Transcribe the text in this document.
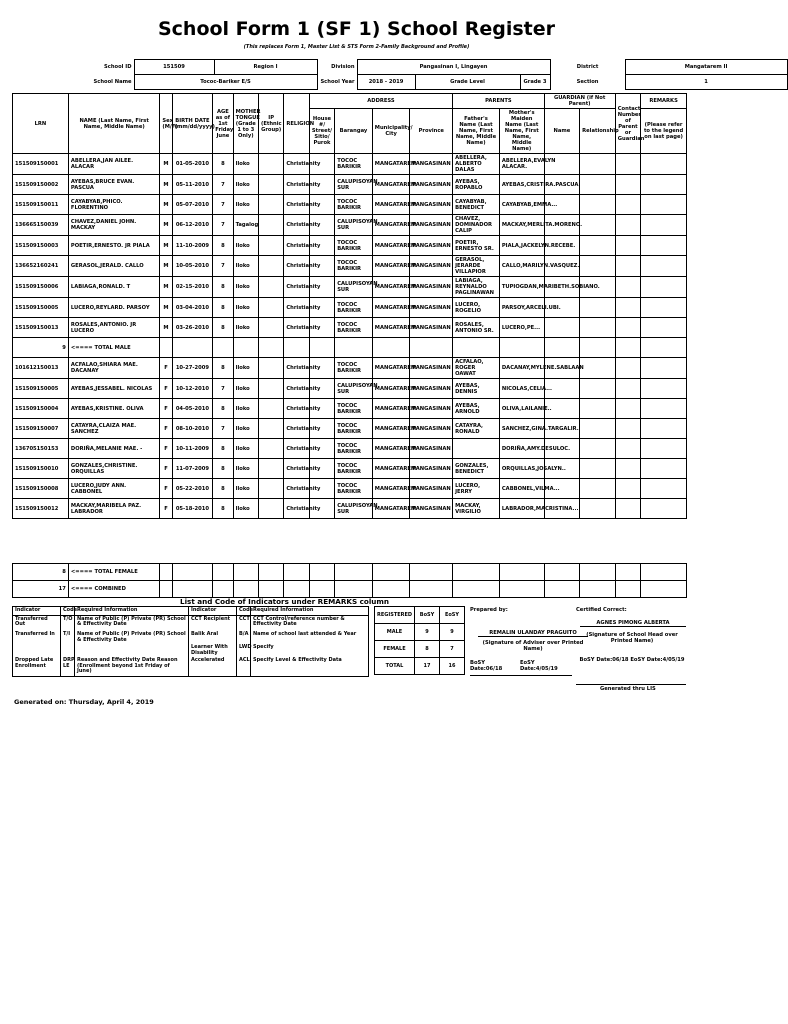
School Form 1 (SF 1) School Register
(This replaces Form 1, Master List & STS Form 2-Family Background and Profile)
School ID	151509	Region I	Division	Pangasinan I, Lingayen			District	Mangatarem II
School Name	Tococ-Bariker E/S		School Year	2018 - 2019	Grade Level	Grade 3	Section	1
LRN	NAME (Last Name, First Name, Middle Name)	Sex (M/F)	BIRTH DATE (mm/dd/yyyy)	AGE as of 1st Friday June	MOTHER TONGUE (Grade 1 to 3 Only)	IP (Ethnic Group)	RELIGION	ADDRESS				PARENTS		GUARDIAN (if Not Parent)		Contact Number of Parent or Guardian	REMARKS
								House #/ Street/ Sitio/ Purok	Barangay	Municipality/ City	Province	Father's Name (Last Name, First Name, Middle Name)	Mother's Maiden Name (Last Name, First Name, Middle Name)	Name	Relationship		(Please refer to the legend on last page)
151509150001	ABELLERA,JAN AILEE. ALACAR	M	01-05-2010	8	Iloko		Christianity		TOCOC BARIKIR	MANGATAREM	PANGASINAN	ABELLERA, ALBERTO DALAS	ABELLERA,EVALYN ALACAR.				
151509150002	AYEBAS,BRUCE EVAN. PASCUA	M	05-11-2010	7	Iloko		Christianity		CALUPISOYAN SUR	MANGATAREM	PANGASINAN	AYEBAS, ROPABLO	AYEBAS,CRISTIRA.PASCUA.				
151509150011	CAYABYAB,PHICO. FLORENTINO	M	05-07-2010	7	Iloko		Christianity		TOCOC BARIKIR	MANGATAREM	PANGASINAN	CAYABYAB, BENEDICT	CAYABYAB,EMMA...				
136665150039	CHAVEZ,DANIEL JOHN. MACKAY	M	06-12-2010	7	Tagalog		Christianity		CALUPISOYAN SUR	MANGATAREM	PANGASINAN	CHAVEZ, DOMINADOR CALIP	MACKAY,MERLITA.MORENO.				
151509150003	POETIR,ERNESTO. JR PIALA	M	11-10-2009	8	Iloko		Christianity		TOCOC BARIKIR	MANGATAREM	PANGASINAN	POETIR, ERNESTO SR.	PIALA,JACKELYN.RECEBE.				
136652160241	GERASOL,JERALD. CALLO	M	10-05-2010	7	Iloko		Christianity		TOCOC BARIKIR	MANGATAREM	PANGASINAN	GERASOL, JERARDE VILLAPIOR	CALLO,MARILYN.VASQUEZ.				
151509150006	LABIAGA,RONALD. T	M	02-15-2010	8	Iloko		Christianity		CALUPISOYAN SUR	MANGATAREM	PANGASINAN	LABIAGA, REYNALDO PAGLINAWAN	TUPIOGDAN,MARIBETH.SOBIANO.				
151509150005	LUCERO,REYLARD. PARSOY	M	03-04-2010	8	Iloko		Christianity		TOCOC BARIKIR	MANGATAREM	PANGASINAN	LUCERO, ROGELIO	PARSOY,ARCELI.UBI.				
151509150013	ROSALES,ANTONIO. JR LUCERO	M	03-26-2010	8	Iloko		Christianity		TOCOC BARIKIR	MANGATAREM	PANGASINAN	ROSALES, ANTONIO SR.	LUCERO,PE...				
9	<==== TOTAL MALE																
101612150013	ACFALAO,SHIARA MAE. DACANAY	F	10-27-2009	8	Iloko		Christianity		TOCOC BARIKIR	MANGATAREM	PANGASINAN	ACFALAO, ROGER OAWAT	DACANAY,MYLENE.SABLAAN				
151509150005	AYEBAS,JESSABEL. NICOLAS	F	10-12-2010	7	Iloko		Christianity		CALUPISOYAN SUR	MANGATAREM	PANGASINAN	AYEBAS, DENNIS	NICOLAS,CELIA...				
151509150004	AYEBAS,KRISTINE. OLIVA	F	04-05-2010	8	Iloko		Christianity		TOCOC BARIKIR	MANGATAREM	PANGASINAN	AYEBAS, ARNOLD	OLIVA,LAILANIE..				
151509150007	CATAYRA,CLAIZA MAE. SANCHEZ	F	08-10-2010	7	Iloko		Christianity		TOCOC BARIKIR	MANGATAREM	PANGASINAN	CATAYRA, RONALD	SANCHEZ,GINA.TARGALIR.				
136705150153	DORIÑA,MELANIE MAE. -	F	10-11-2009	8	Iloko		Christianity		TOCOC BARIKIR	MANGATAREM	PANGASINAN		DORIÑA,AMY.DESULOC.				
151509150010	GONZALES,CHRISTINE. ORQUILLAS	F	11-07-2009	8	Iloko		Christianity		TOCOC BARIKIR	MANGATAREM	PANGASINAN	GONZALES, BENEDICT	ORQUILLAS,JOSALYN..				
151509150008	LUCERO,JUDY ANN. CABBONEL	F	05-22-2010	8	Iloko		Christianity		TOCOC BARIKIR	MANGATAREM	PANGASINAN	LUCERO, JERRY	CABBONEL,VILMA...				
151509150012	MACKAY,MARIBELA PAZ. LABRADOR	F	05-18-2010	8	Iloko		Christianity		CALUPISOYAN SUR	MANGATAREM	PANGASINAN	MACKAY, VIRGILIO	LABRADOR,MACRISTINA...				
8	<==== TOTAL FEMALE																
17	<==== COMBINED																
List and Code of Indicators under REMARKS column
Indicator	Code	Required Information	Indicator	Code	Required Information
Transferred Out	T/O	Name of Public (P) Private (PR) School & Effectivity Date	CCT Recipient	CCT	CCT Control/reference number & Effectivity Date
Transferred In	T/I	Name of Public (P) Private (PR) School & Effectivity Date	Balik Aral	B/A	Name of school last attended & Year
			Learner With Disability	LWD	Specify
Dropped Late Enrollment	DRP LE	Reason and Effectivity Date Reason (Enrollment beyond 1st Friday of June)	Accelerated	ACL	Specify Level & Effectivity Data
REGISTERED	BoSY	EoSY
MALE	9	9
FEMALE	8	7
TOTAL	17	16
Prepared by:
REMALIN ULANDAY PRAGUITO
(Signature of Adviser over Printed Name)
BoSY Date:06/18
EoSY Date:4/05/19
Certified Correct:
AGNES PIMONG ALBERTA
(Signature of School Head over Printed Name)
BoSY Date:06/18 EoSY Date:4/05/19
Generated thru LIS
Generated on: Thursday, April 4, 2019
